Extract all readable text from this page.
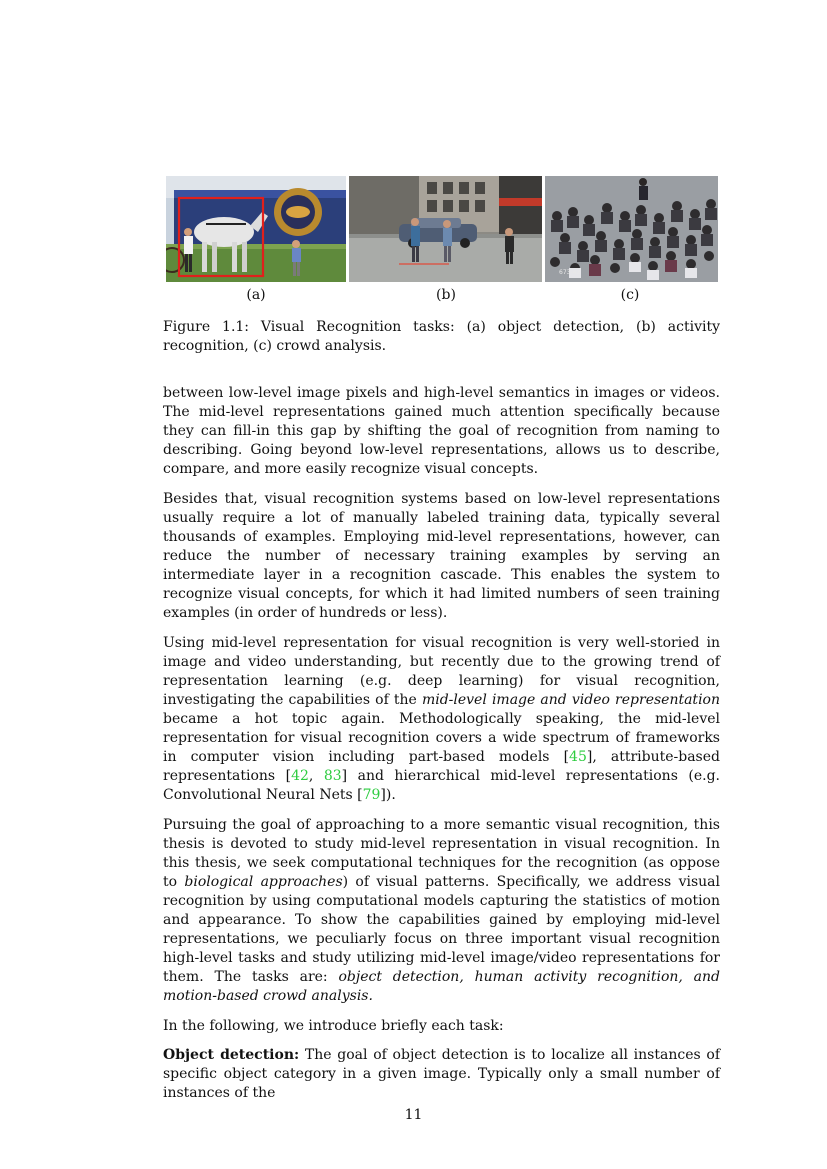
673-42
(a)	(b)	(c)
Figure 1.1: Visual Recognition tasks: (a) object detection, (b) activity recognition, (c) crowd analysis.

between low-level image pixels and high-level semantics in images or videos. The mid-level representations gained much attention specifically because they can fill-in this gap by shifting the goal of recognition from naming to describing. Going beyond low-level representations, allows us to describe, compare, and more easily recognize visual concepts.

Besides that, visual recognition systems based on low-level representations usually require a lot of manually labeled training data, typically several thousands of examples. Employing mid-level representations, however, can reduce the number of necessary training examples by serving an intermediate layer in a recognition cascade. This enables the system to recognize visual concepts, for which it had limited numbers of seen training examples (in order of hundreds or less).

Using mid-level representation for visual recognition is very well-storied in image and video understanding, but recently due to the growing trend of representation learning (e.g. deep learning) for visual recognition, investigating the capabilities of the mid-level image and video representation became a hot topic again. Methodologically speaking, the mid-level representation for visual recognition covers a wide spectrum of frameworks in computer vision including part-based models [45], attribute-based representations [42, 83] and hierarchical mid-level representations (e.g. Convolutional Neural Nets [79]).

Pursuing the goal of approaching to a more semantic visual recognition, this thesis is devoted to study mid-level representation in visual recognition. In this thesis, we seek computational techniques for the recognition (as oppose to biological approaches) of visual patterns. Specifically, we address visual recognition by using computational models capturing the statistics of motion and appearance. To show the capabilities gained by employing mid-level representations, we peculiarly focus on three important visual recognition high-level tasks and study utilizing mid-level image/video representations for them. The tasks are: object detection, human activity recognition, and motion-based crowd analysis.

In the following, we introduce briefly each task:

Object detection: The goal of object detection is to localize all instances of specific object category in a given image. Typically only a small number of instances of the

11
